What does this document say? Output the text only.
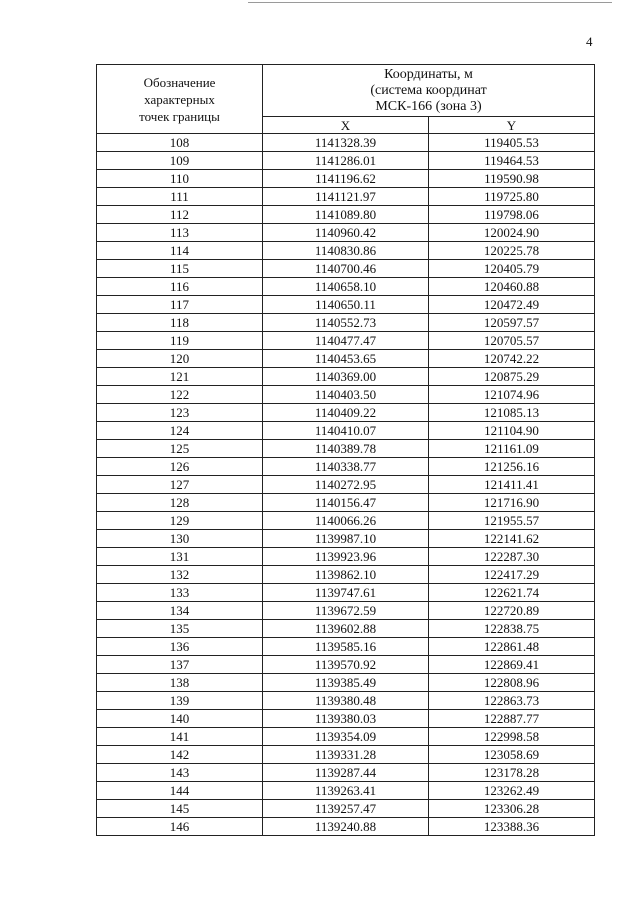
4
Обозначение
характерных
точек границы	Координаты, м
(система координат
МСК-166 (зона 3)	

	X	Y
108	1141328.39	119405.53
109	1141286.01	119464.53
110	1141196.62	119590.98
111	1141121.97	119725.80
112	1141089.80	119798.06
113	1140960.42	120024.90
114	1140830.86	120225.78
115	1140700.46	120405.79
116	1140658.10	120460.88
117	1140650.11	120472.49
118	1140552.73	120597.57
119	1140477.47	120705.57
120	1140453.65	120742.22
121	1140369.00	120875.29
122	1140403.50	121074.96
123	1140409.22	121085.13
124	1140410.07	121104.90
125	1140389.78	121161.09
126	1140338.77	121256.16
127	1140272.95	121411.41
128	1140156.47	121716.90
129	1140066.26	121955.57
130	1139987.10	122141.62
131	1139923.96	122287.30
132	1139862.10	122417.29
133	1139747.61	122621.74
134	1139672.59	122720.89
135	1139602.88	122838.75
136	1139585.16	122861.48
137	1139570.92	122869.41
138	1139385.49	122808.96
139	1139380.48	122863.73
140	1139380.03	122887.77
141	1139354.09	122998.58
142	1139331.28	123058.69
143	1139287.44	123178.28
144	1139263.41	123262.49
145	1139257.47	123306.28
146	1139240.88	123388.36
